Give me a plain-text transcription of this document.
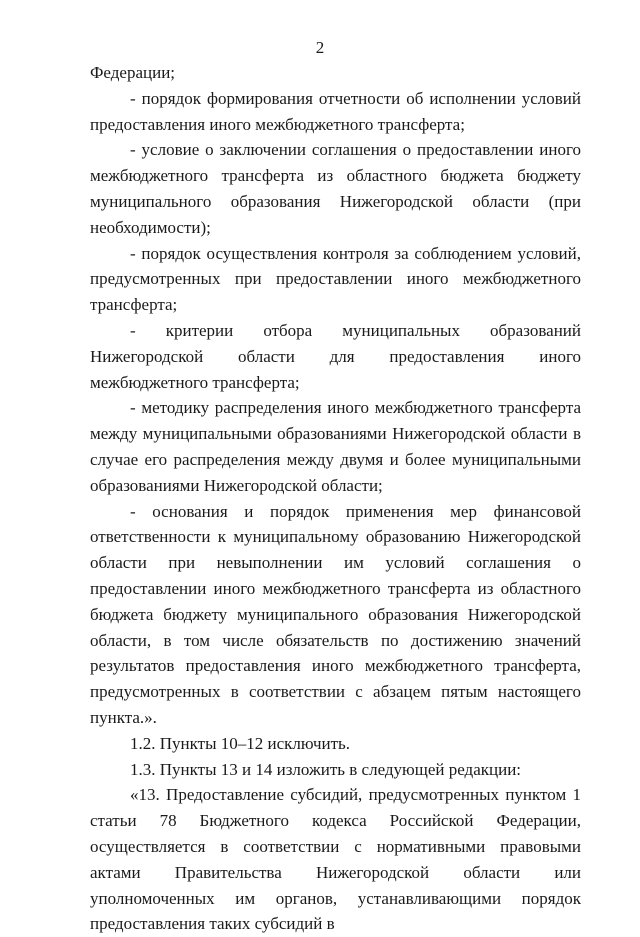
2

Федерации;

- порядок формирования отчетности об исполнении условий предоставления иного межбюджетного трансферта;

- условие о заключении соглашения о предоставлении иного межбюджетного трансферта из областного бюджета бюджету муниципального образования Нижегородской области (при необходимости);

- порядок осуществления контроля за соблюдением условий, предусмотренных при предоставлении иного межбюджетного трансферта;

- критерии отбора муниципальных образований Нижегородской области для предоставления иного межбюджетного трансферта;

- методику распределения иного межбюджетного трансферта между муниципальными образованиями Нижегородской области в случае его распределения между двумя и более муниципальными образованиями Нижегородской области;

- основания и порядок применения мер финансовой ответственности к муниципальному образованию Нижегородской области при невыполнении им условий соглашения о предоставлении иного межбюджетного трансферта из областного бюджета бюджету муниципального образования Нижегородской области, в том числе обязательств по достижению значений результатов предоставления иного межбюджетного трансферта, предусмотренных в соответствии с абзацем пятым настоящего пункта.».

1.2. Пункты 10–12 исключить.

1.3. Пункты 13 и 14 изложить в следующей редакции:

«13. Предоставление субсидий, предусмотренных пунктом 1 статьи 78 Бюджетного кодекса Российской Федерации, осуществляется в соответствии с нормативными правовыми актами Правительства Нижегородской области или уполномоченных им органов, устанавливающими порядок предоставления таких субсидий в
